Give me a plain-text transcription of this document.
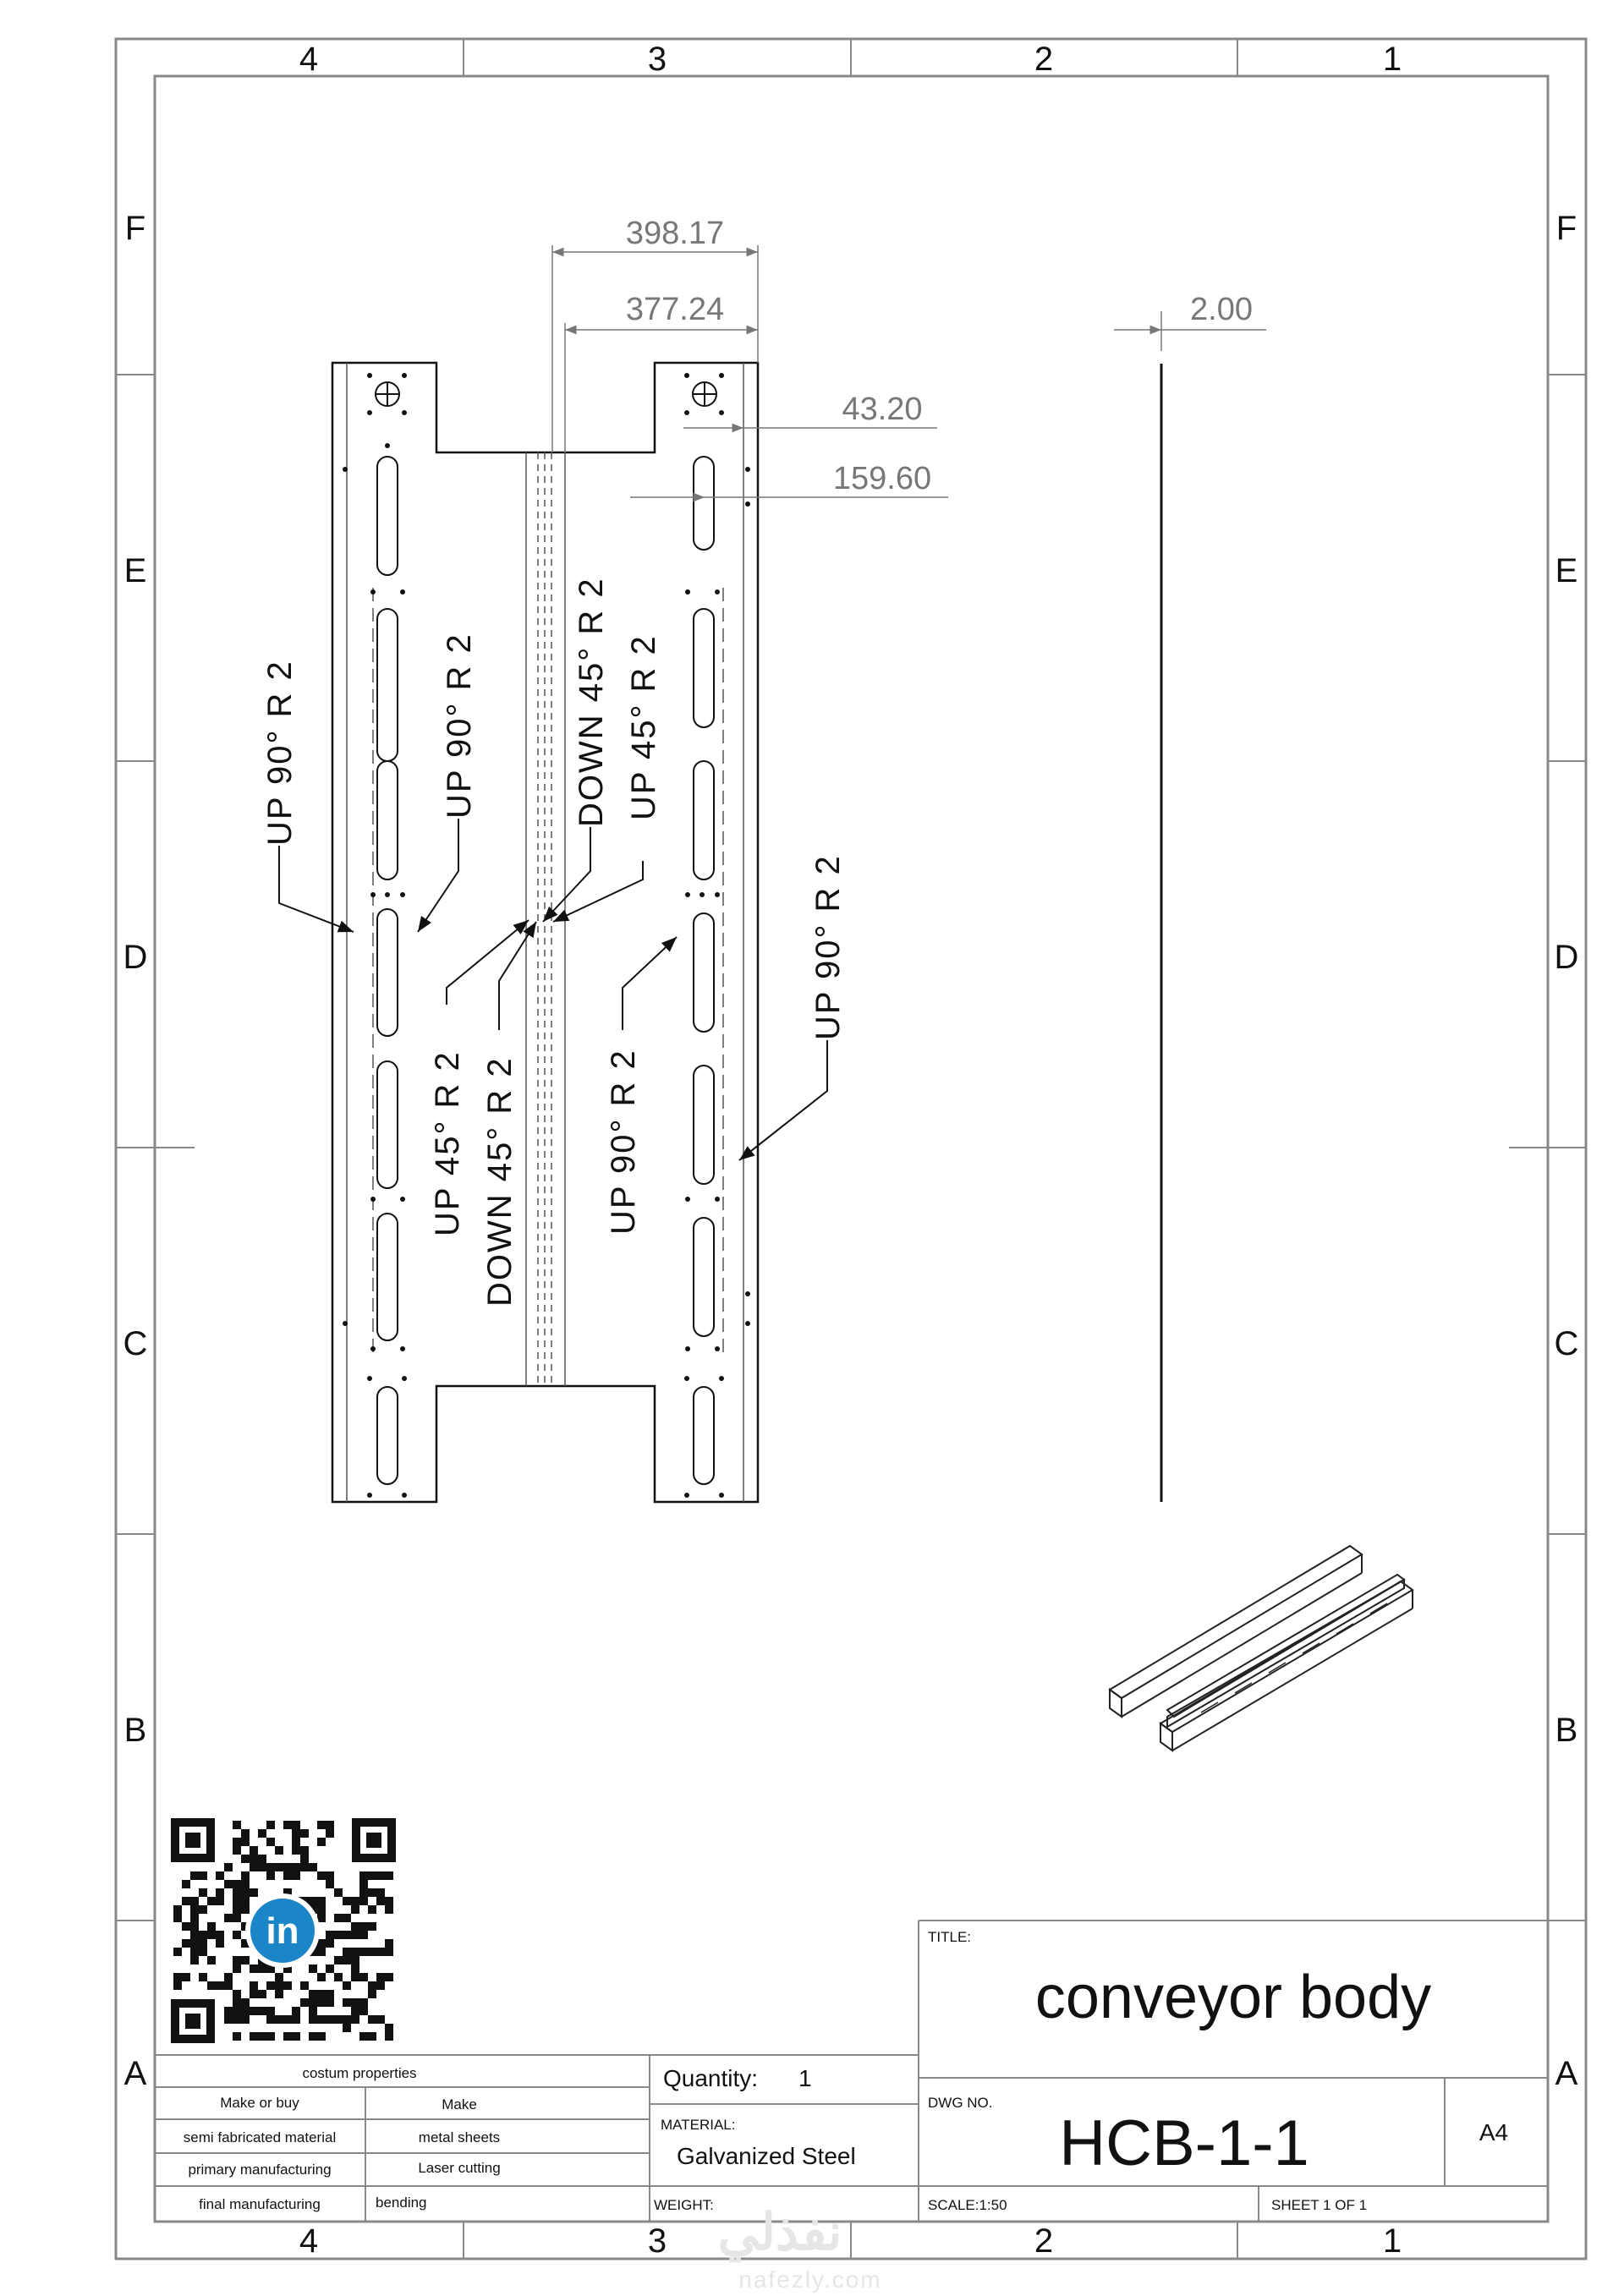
4	3	2	1
4	3	2	1
F
E
D
C
B
A
F
E
D
C
B
A
398.17
377.24	2.00
43.20
159.60
UP 90° R 2	UP 90° R 2	DOWN 45° R 2 UP 45° R 2
UP 45° R 2 DOWN 45° R 2	UP 90° R 2
UP 90° R 2
TITLE:
conveyor body
DWG NO.
HCB-1-1	A4
SCALE:1:50	SHEET 1 OF 1
WEIGHT:
Quantity: 1
MATERIAL:
Galvanized Steel
costum properties
Make or buy	Make
semi fabricated material	metal sheets
primary manufacturing	Laser cutting
final manufacturing	bending
in
نفذلي
nafezly.com
